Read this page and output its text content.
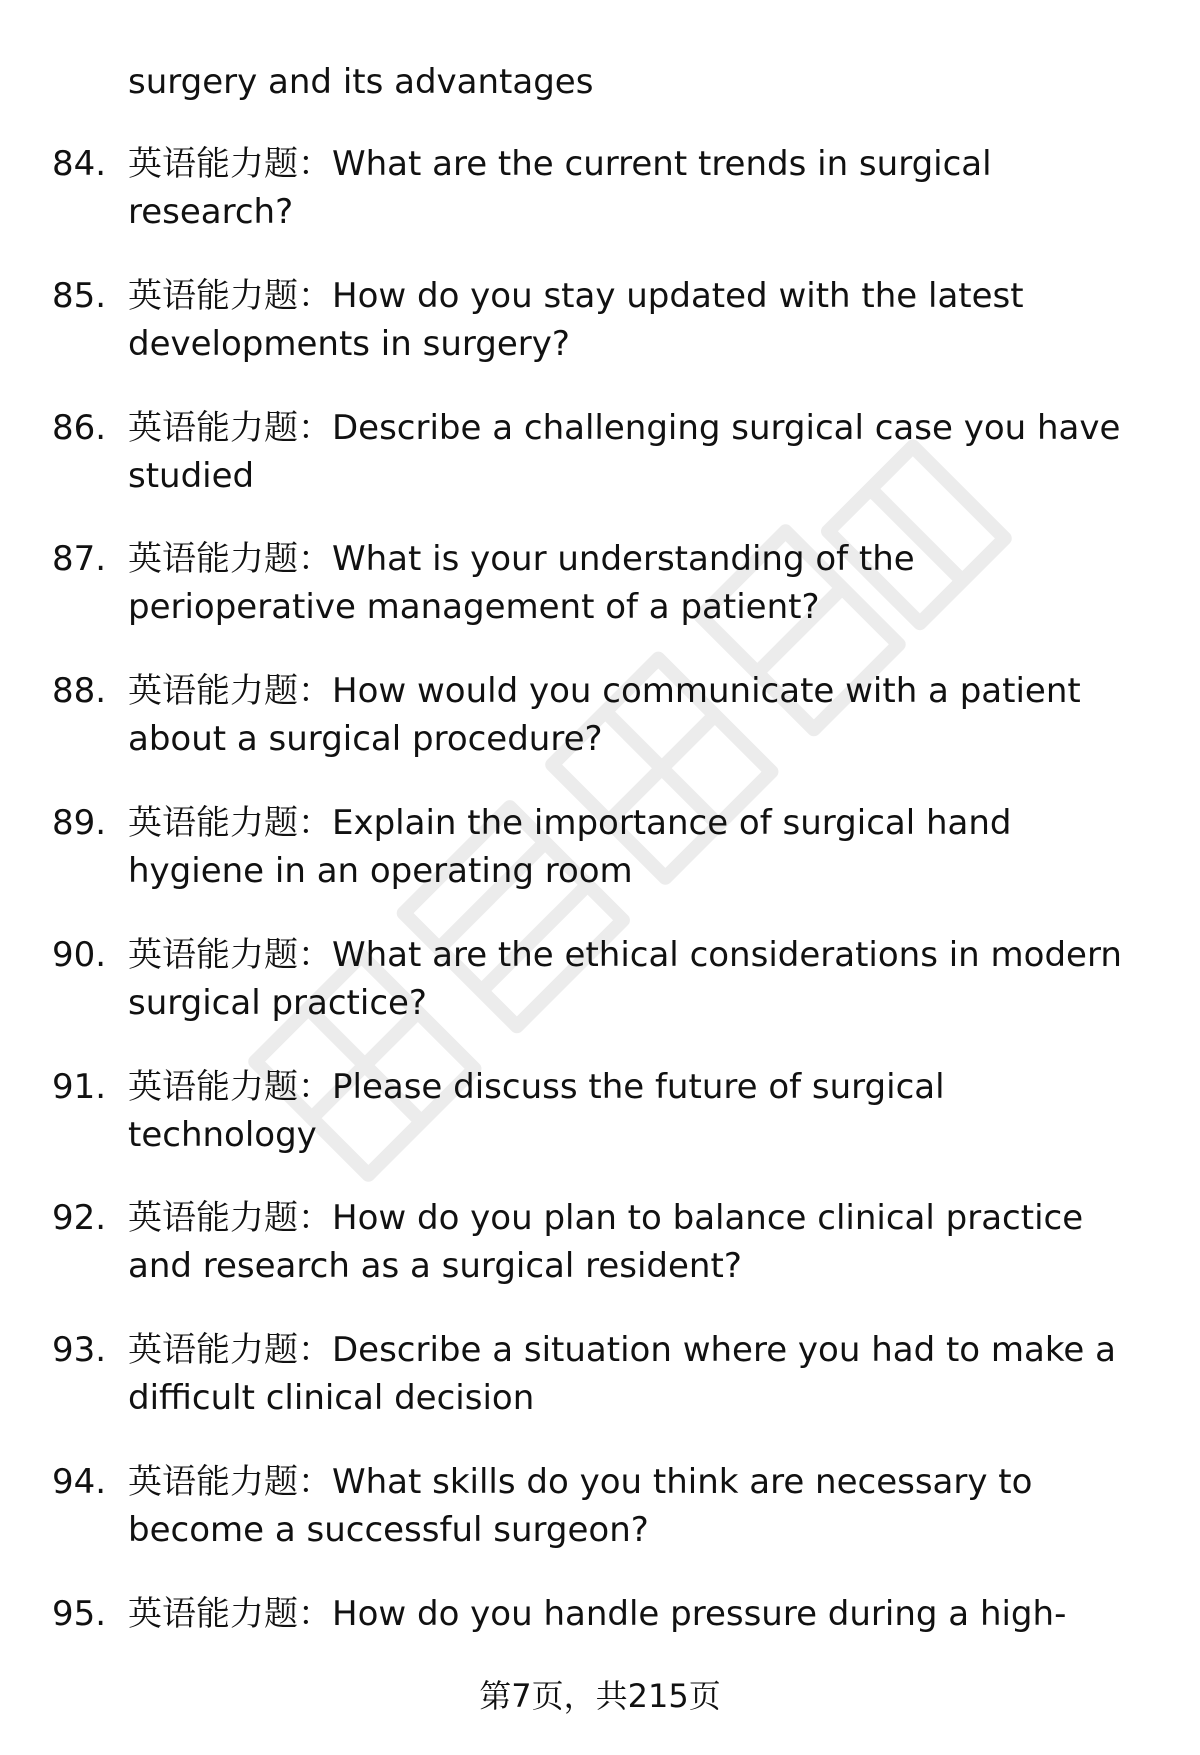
surgery and its advantages
84. 英语能力题：What are the current trends in surgical
research?
85. 英语能力题：How do you stay updated with the latest
developments in surgery?
86. 英语能力题：Describe a challenging surgical case you have
studied
87. 英语能力题：What is your understanding of the
perioperative management of a patient?
88. 英语能力题：How would you communicate with a patient
about a surgical procedure?
89. 英语能力题：Explain the importance of surgical hand
hygiene in an operating room
90. 英语能力题：What are the ethical considerations in modern
surgical practice?
91. 英语能力题：Please discuss the future of surgical
technology
92. 英语能力题：How do you plan to balance clinical practice
and research as a surgical resident?
93. 英语能力题：Describe a situation where you had to make a
difficult clinical decision
94. 英语能力题：What skills do you think are necessary to
become a successful surgeon?
95. 英语能力题：How do you handle pressure during a high-
第7页，共215页
